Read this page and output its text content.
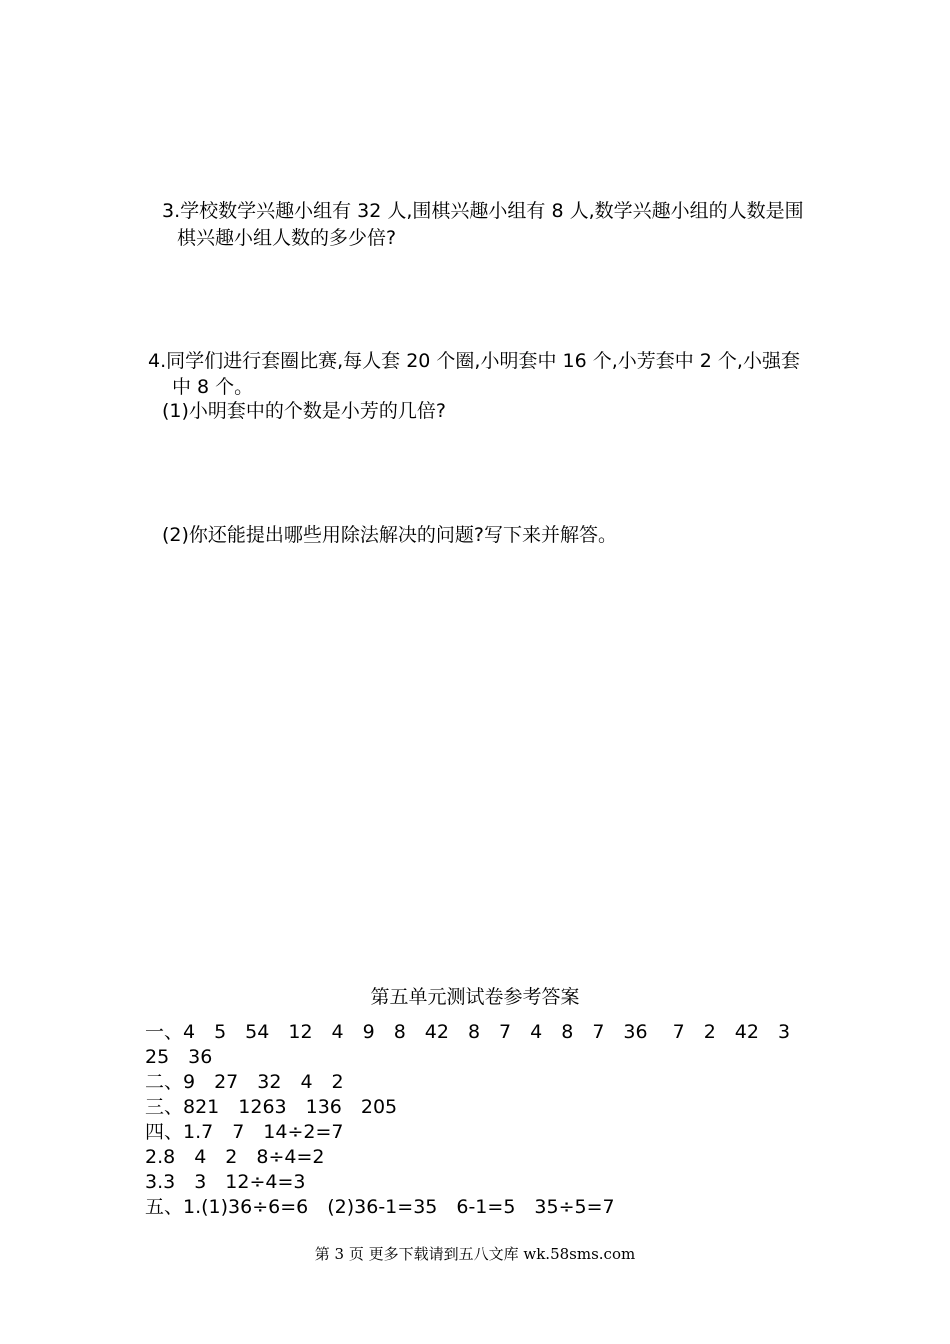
3.学校数学兴趣小组有 32 人,围棋兴趣小组有 8 人,数学兴趣小组的人数是围
棋兴趣小组人数的多少倍?
4.同学们进行套圈比赛,每人套 20 个圈,小明套中 16 个,小芳套中 2 个,小强套
中 8 个。
(1)小明套中的个数是小芳的几倍?
(2)你还能提出哪些用除法解决的问题?写下来并解答。
第五单元测试卷参考答案
一、4　5　54　12　4　9　8　42　8　7　4　8　7　36　 7　2　42　3
25　36
二、9　27　32　4　2
三、821　1263　136　205
四、1.7　7　14÷2=7
2.8　4　2　8÷4=2
3.3　3　12÷4=3
五、1.(1)36÷6=6　(2)36-1=35　6-1=5　35÷5=7
第 3 页 更多下载请到五八文库 wk.58sms.com
